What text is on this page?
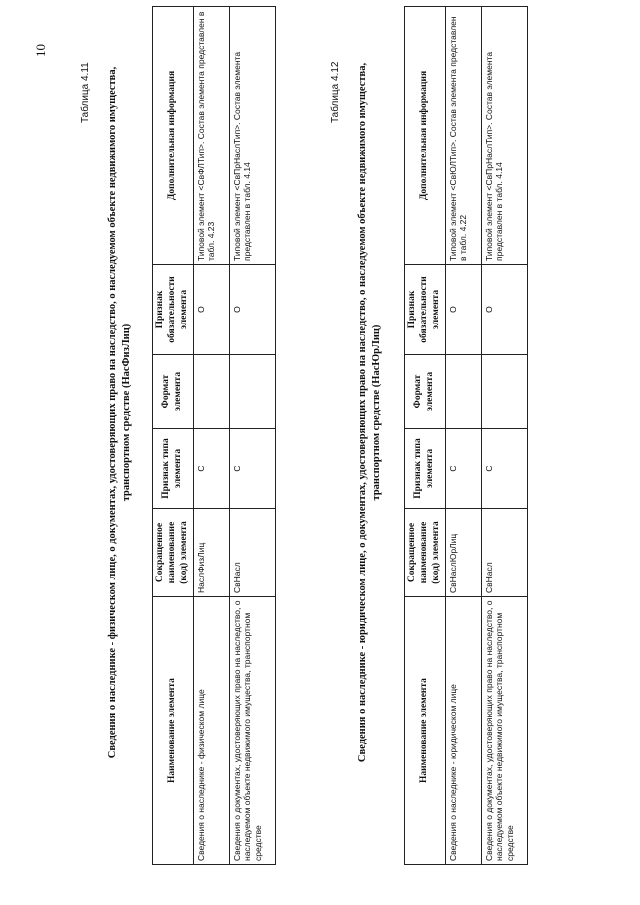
10
Таблица 4.11 Сведения о наследнике - физическом лице, о документах, удостоверяющих право на наследство, о наследуемом объекте недвижимого имущества, транспортном средстве (НасФизЛиц)
Наименование элемента	Сокращенное наименование (код) элемента	Признак типа элемента	Формат элемента	Признак обязательности элемента	Дополнительная информация
Сведения о наследнике - физическом лице	НаслФизЛиц	С		О	Типовой элемент <СвФЛТип>. Состав элемента представлен в табл. 4.23
Сведения о документах, удостоверяющих право на наследство, о наследуемом объекте недвижимого имущества, транспортном средстве	СвНасл	С		О	Типовой элемент <СвПрНаслТип>. Состав элемента представлен в табл. 4.14
Таблица 4.12 Сведения о наследнике - юридическом лице, о документах, удостоверяющих право на наследство, о наследуемом объекте недвижимого имущества, транспортном средстве (НасЮрЛиц)
Наименование элемента	Сокращенное наименование (код) элемента	Признак типа элемента	Формат элемента	Признак обязательности элемента	Дополнительная информация
Сведения о наследнике - юридическом лице	СвНаслЮрЛиц	С		О	Типовой элемент <СвЮЛТип>. Состав элемента представлен в табл. 4.22
Сведения о документах, удостоверяющих право на наследство, о наследуемом объекте недвижимого имущества, транспортном средстве	СвНасл	С		О	Типовой элемент <СвПрНаслТип>. Состав элемента представлен в табл. 4.14
